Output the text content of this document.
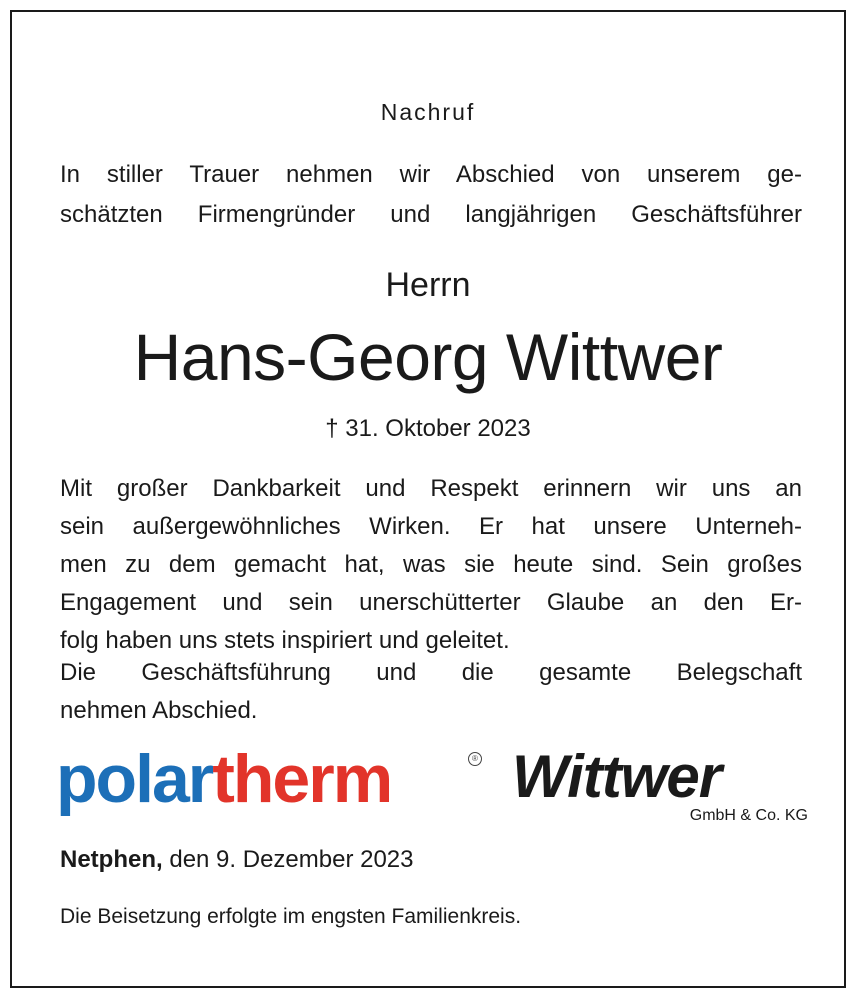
Nachruf

In stiller Trauer nehmen wir Abschied von unserem ge-
schätzten Firmengründer und langjährigen Geschäftsführer

Herrn

Hans-Georg Wittwer

† 31. Oktober 2023

Mit großer Dankbarkeit und Respekt erinnern wir uns an
sein außergewöhnliches Wirken. Er hat unsere Unterneh-
men zu dem gemacht hat, was sie heute sind. Sein großes
Engagement und sein unerschütterter Glaube an den Er-
folg haben uns stets inspiriert und geleitet.
Die Geschäftsführung und die gesamte Belegschaft
nehmen Abschied.
polartherm	® Wittwer
GmbH & Co. KG

Netphen, den 9. Dezember 2023

Die Beisetzung erfolgte im engsten Familienkreis.
